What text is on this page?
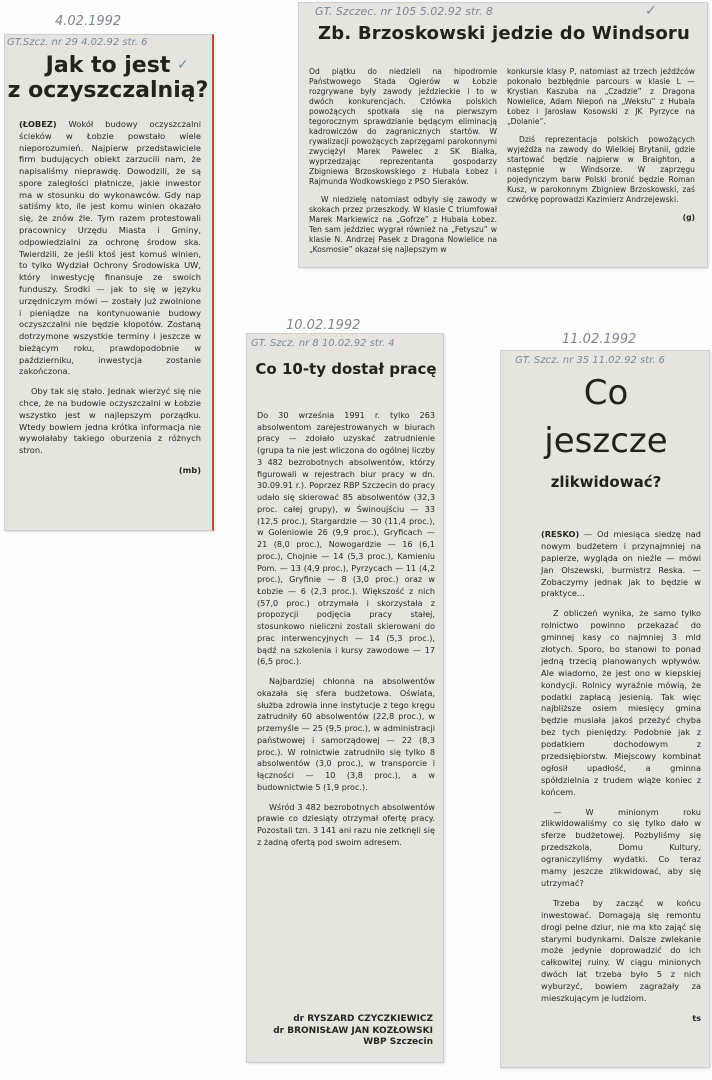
4.02.1992
GT.Szcz. nr 29 4.02.92 str. 6
✓
Jak to jest
z oczyszczalnią?

(ŁOBEZ) Wokół budowy oczyszczalni ścieków w Łobzie powstało wiele nieporozumień. Najpierw przedstawiciele firm budujących obiekt zarzucili nam, że napisaliśmy nieprawdę. Dowodzili, że są spore zaległości płatnicze, jakie inwestor ma w stosunku do wykonawców. Gdy nap satiśmy kto, ile jest komu winien okazało się, że znów źle. Tym razem protestowali pracownicy Urzędu Miasta i Gminy, odpowiedzialni za ochronę środow ska. Twierdzili, że jeśli ktoś jest komuś winien, to tylko Wydział Ochrony Środowiska UW, który inwestycję finansuje ze swoich funduszy. Środki — jak to się w języku urzędniczym mówi — zostały już zwolnione i pieniądze na kontynuowanie budowy oczyszczalni nie będzie kłopotów. Zostaną dotrzymone wszystkie terminy i jeszcze w bieżącym roku, prawdopodobnie w październiku, inwestycja zostanie zakończona.

Oby tak się stało. Jednak wierzyć się nie chce, że na budowie oczyszczalni w Łobzie wszystko jest w najlepszym porządku. Wtedy bowiem jedna krótka informacja nie wywołałaby takiego oburzenia z różnych stron.

(mb)
GT. Szczec. nr 105 5.02.92 str. 8	✓
Zb. Brzoskowski jedzie do Windsoru

Od piątku do niedzieli na hipodromie Państwowego Stada Ogierów w Łobzie rozgrywane były zawody jeździeckie i to w dwóch konkurencjach. Człówka polskich powożących spotkała się na pierwszym tegorocznym sprawdzianie będącym eliminacją kadrowiczów do zagranicznych startów. W rywalizacji powożących zaprzęgami parokonnymi zwyciężył Marek Pawelec z SK Białka, wyprzedzając reprezentanta gospodarzy Zbigniewa Brzoskowskiego z Hubala Łobez i Rajmunda Wodkowskiego z PSO Sieraków.

W niedzielę natomiast odbyły się zawody w skokach przez przeszkody. W klasie C triumfował Marek Markiewicz na „Gofrze” z Hubala Łobez. Ten sam jeździec wygrał również na „Fetyszu” w klasie N. Andrzej Pasek z Dragona Nowielice na „Kosmosie” okazał się najlepszym w

konkursie klasy P, natomiast aż trzech jeźdźców pokonało bezbłędnie parcours w klasie L — Krystian Kaszuba na „Czadzie” z Dragona Nowielice, Adam Niepoń na „Weksłu” z Hubala Łobez i Jarosław Kosowski z JK Pyrzyce na „Dolanie”.

Dziś reprezentacja polskich powożących wyjeżdża na zawody do Wielkiej Brytanii, gdzie startować będzie najpierw w Braighton, a następnie w Windsorze. W zaprzęgu pojedynczym barw Polski bronić będzie Roman Kusz, w parokonnym Zbigniew Brzoskowski, zaś czwórkę poprowadzi Kazimierz Andrzejewski.

(g)
10.02.1992
GT. Szcz. nr 8 10.02.92 str. 4
Co 10-ty dostał pracę

Do 30 września 1991 r. tylko 263 absolwentom zarejestrowanych w biurach pracy — zdołało uzyskać zatrudnienie (grupa ta nie jest wliczona do ogólnej liczby 3 482 bezrobotnych absolwentów, którzy figurowali w rejestrach biur pracy w dn. 30.09.91 r.). Poprzez RBP Szczecin do pracy udało się skierować 85 absolwentów (32,3 proc. całej grupy), w Świnoujściu — 33 (12,5 proc.), Stargardzie — 30 (11,4 proc.), w Goleniowie 26 (9,9 proc.), Gryficach — 21 (8,0 proc.), Nowogardzie — 16 (6,1 proc.), Chojnie — 14 (5,3 proc.), Kamieniu Pom. — 13 (4,9 proc.), Pyrzycach — 11 (4,2 proc.), Gryfinie — 8 (3,0 proc.) oraz w Łobzie — 6 (2,3 proc.). Większość z nich (57,0 proc.) otrzymała i skorzystała z propozycji podjęcia pracy stałej, stosunkowo nieliczni zostali skierowani do prac interwencyjnych — 14 (5,3 proc.), bądź na szkolenia i kursy zawodowe — 17 (6,5 proc.).

Najbardziej chłonna na absolwentów okazała się sfera budżetowa. Oświata, służba zdrowia inne instytucje z tego kręgu zatrudniły 60 absolwentów (22,8 proc.), w przemyśle — 25 (9,5 proc.), w administracji państwowej i samorządowej — 22 (8,3 proc.). W rolnictwie zatrudniło się tylko 8 absolwentów (3,0 proc.), w transporcie i łączności — 10 (3,8 proc.), a w budownictwie 5 (1,9 proc.).

Wśród 3 482 bezrobotnych absolwentów prawie co dziesiąty otrzymał ofertę pracy. Pozostali tzn. 3 141 ani razu nie zetknęli się z żadną ofertą pod swoim adresem.

dr RYSZARD CZYCZKIEWICZ
dr BRONISŁAW JAN KOZŁOWSKI
WBP Szczecin
11.02.1992
GT. Szcz. nr 35 11.02.92 str. 6
Co
jeszcze
zlikwidować?

(RESKO) — Od miesiąca siedzę nad nowym budżetem i przynajmniej na papierze, wygląda on nieźle — mówi Jan Olszewski, burmistrz Reska. — Zobaczymy jednak jak to będzie w praktyce...

Z obliczeń wynika, że samo tylko rolnictwo powinno przekazać do gminnej kasy co najmniej 3 mld złotych. Sporo, bo stanowi to ponad jedną trzecią planowanych wpływów. Ale wiadomo, że jest ono w kiepskiej kondycji. Rolnicy wyraźnie mówią, że podatki zapłacą jesienią. Tak więc najbliższe osiem miesięcy gmina będzie musiała jakoś przeżyć chyba bez tych pieniędzy. Podobnie jak z podatkiem dochodowym z przedsiębiorstw. Miejscowy kombinat ogłosił upadłość, a gminna spółdzielnia z trudem wiąże koniec z końcem.

— W minionym roku zlikwidowaliśmy co się tylko dało w sferze budżetowej. Pozbyliśmy się przedszkola, Domu Kultury, ograniczyliśmy wydatki. Co teraz mamy jeszcze zlikwidować, aby się utrzymać?

Trzeba by zacząć w końcu inwestować. Domagają się remontu drogi pełne dziur, nie ma kto zająć się starymi budynkami. Dalsze zwlekanie może jedynie doprowadzić do ich całkowitej ruiny. W ciągu minionych dwóch lat trzeba było 5 z nich wyburzyć, bowiem zagrażały za mieszkującym je ludziom.

ts
